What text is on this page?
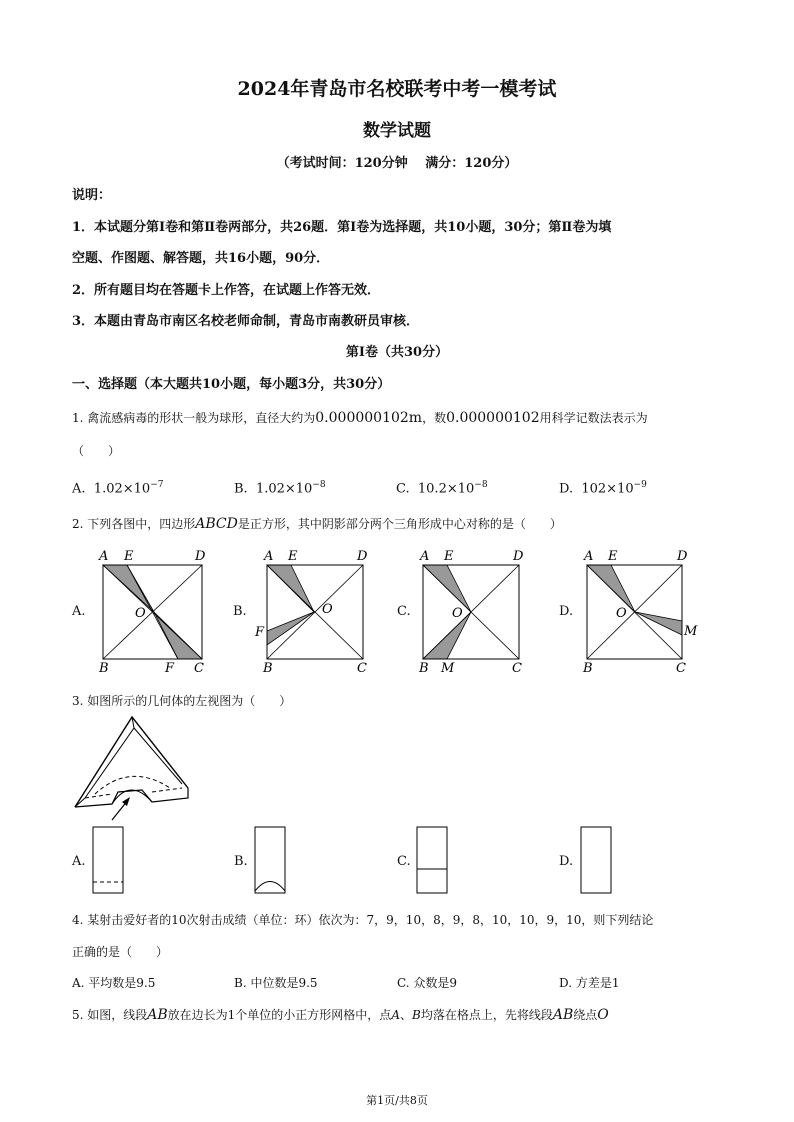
2024年青岛市名校联考中考一模考试
数学试题
（考试时间：120分钟　 满分：120分）
说明：
1．本试题分第Ⅰ卷和第Ⅱ卷两部分，共26题．第Ⅰ卷为选择题，共10小题，30分；第Ⅱ卷为填
空题、作图题、解答题，共16小题，90分．
2．所有题目均在答题卡上作答，在试题上作答无效．
3．本题由青岛市南区名校老师命制，青岛市南教研员审核．
第Ⅰ卷（共30分）
一、选择题（本大题共10小题，每小题3分，共30分）
1. 禽流感病毒的形状一般为球形，直径大约为0.000000102m，数0.000000102用科学记数法表示为
（　　）
A. $1.02\times 10^{-7}$	B. $1.02\times 10^{-8}$	C. $10.2\times 10^{-8}$	D. $102\times 10^{-9}$
2. 下列各图中，四边形ABCD是正方形，其中阴影部分两个三角形成中心对称的是（　　）
A.
A E	D
O
B	F C
B.
A E	D
O
F
B	C
C.
A E	D
O
B M	C
D.
A E	D
O
M
B	C
3. 如图所示的几何体的左视图为（　　）
A.	B.	C.	D.
4. 某射击爱好者的10次射击成绩（单位：环）依次为：7，9，10，8，9，8，10，10，9，10，则下列结论
正确的是（　　）
A. 平均数是9.5	B. 中位数是9.5	C. 众数是9	D. 方差是1
5. 如图，线段AB放在边长为1个单位的小正方形网格中，点A、B均落在格点上，先将线段AB绕点O
第1页/共8页
